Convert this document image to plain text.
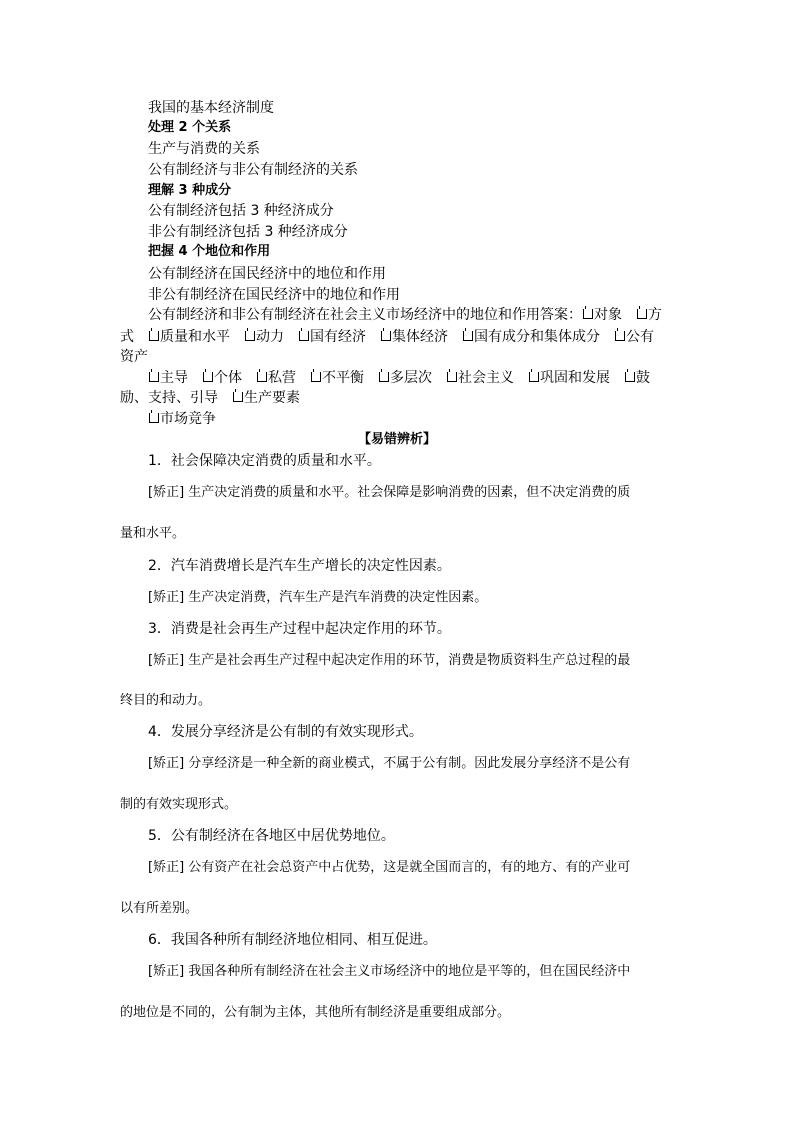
我国的基本经济制度
处理 2 个关系
生产与消费的关系
公有制经济与非公有制经济的关系
理解 3 种成分
公有制经济包括 3 种经济成分
非公有制经济包括 3 种经济成分
把握 4 个地位和作用
公有制经济在国民经济中的地位和作用
非公有制经济在国民经济中的地位和作用
公有制经济和非公有制经济在社会主义市场经济中的地位和作用答案： 对象 方
式 质量和水平 动力 国有经济 集体经济 国有成分和集体成分 公有
资产
主导 个体 私营 不平衡 多层次 社会主义 巩固和发展 鼓
励、支持、引导 生产要素
市场竞争
【易错辨析】
1．社会保障决定消费的质量和水平。
[矫正] 生产决定消费的质量和水平。社会保障是影响消费的因素，但不决定消费的质
量和水平。
2．汽车消费增长是汽车生产增长的决定性因素。
[矫正] 生产决定消费，汽车生产是汽车消费的决定性因素。
3．消费是社会再生产过程中起决定作用的环节。
[矫正] 生产是社会再生产过程中起决定作用的环节，消费是物质资料生产总过程的最
终目的和动力。
4．发展分享经济是公有制的有效实现形式。
[矫正] 分享经济是一种全新的商业模式，不属于公有制。因此发展分享经济不是公有
制的有效实现形式。
5．公有制经济在各地区中居优势地位。
[矫正] 公有资产在社会总资产中占优势，这是就全国而言的，有的地方、有的产业可
以有所差别。
6．我国各种所有制经济地位相同、相互促进。
[矫正] 我国各种所有制经济在社会主义市场经济中的地位是平等的，但在国民经济中
的地位是不同的，公有制为主体，其他所有制经济是重要组成部分。
